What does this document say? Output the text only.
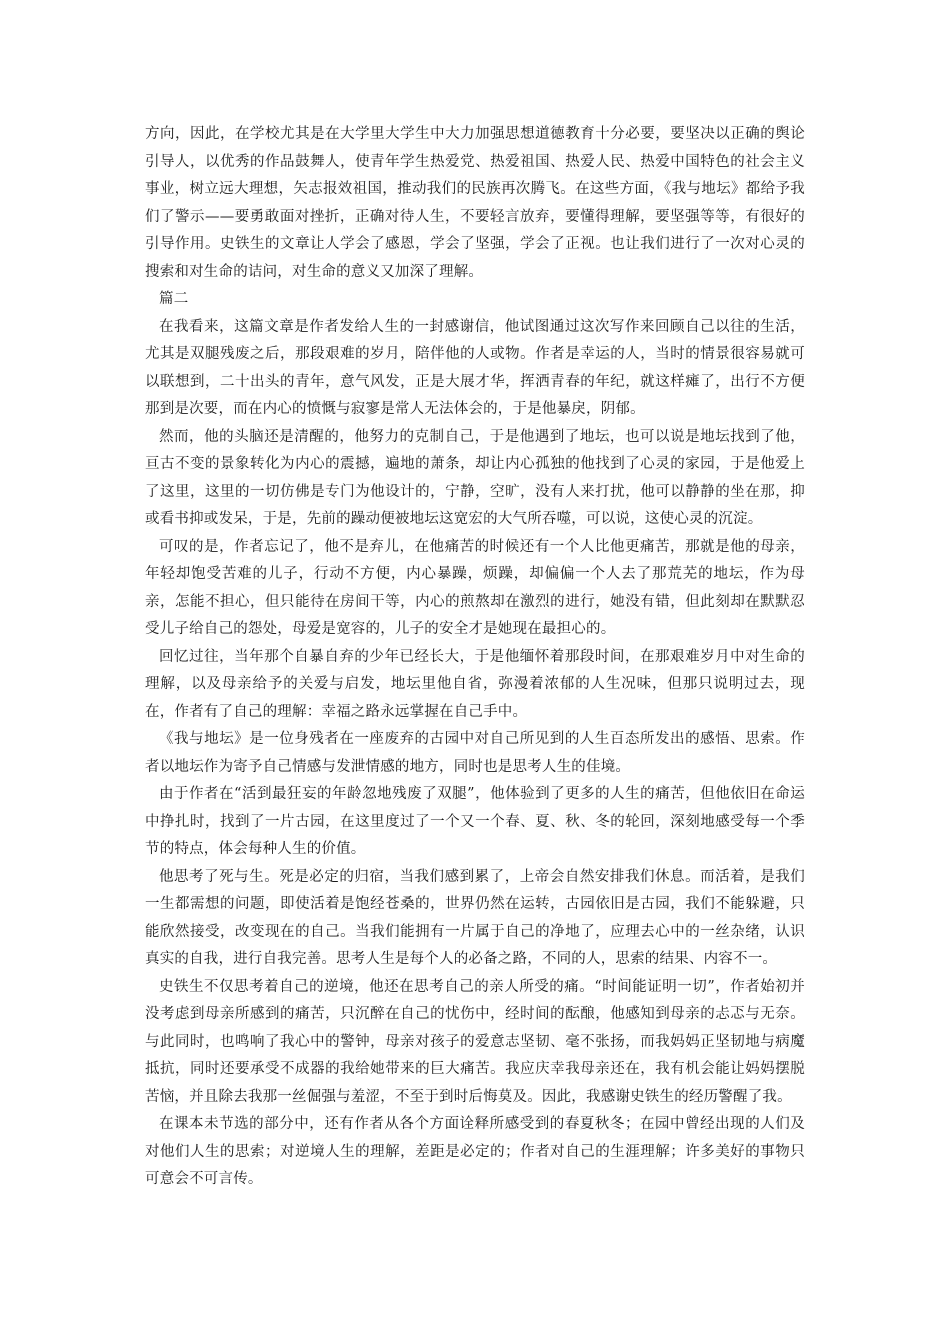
方向，因此，在学校尤其是在大学里大学生中大力加强思想道德教育十分必要，要坚决以正确的舆论引导人，以优秀的作品鼓舞人，使青年学生热爱党、热爱祖国、热爱人民、热爱中国特色的社会主义事业，树立远大理想，矢志报效祖国，推动我们的民族再次腾飞。在这些方面，《我与地坛》都给予我们了警示——要勇敢面对挫折，正确对待人生，不要轻言放弃，要懂得理解，要坚强等等，有很好的引导作用。史铁生的文章让人学会了感恩，学会了坚强，学会了正视。也让我们进行了一次对心灵的搜索和对生命的诘问，对生命的意义又加深了理解。

篇二

在我看来，这篇文章是作者发给人生的一封感谢信，他试图通过这次写作来回顾自己以往的生活，尤其是双腿残废之后，那段艰难的岁月，陪伴他的人或物。作者是幸运的人，当时的情景很容易就可以联想到，二十出头的青年，意气风发，正是大展才华，挥洒青春的年纪，就这样瘫了，出行不方便那到是次要，而在内心的愤慨与寂寥是常人无法体会的，于是他暴戾，阴郁。

然而，他的头脑还是清醒的，他努力的克制自己，于是他遇到了地坛，也可以说是地坛找到了他，亘古不变的景象转化为内心的震撼，遍地的萧条，却让内心孤独的他找到了心灵的家园，于是他爱上了这里，这里的一切仿佛是专门为他设计的，宁静，空旷，没有人来打扰，他可以静静的坐在那，抑或看书抑或发呆，于是，先前的躁动便被地坛这宽宏的大气所吞噬，可以说，这使心灵的沉淀。

可叹的是，作者忘记了，他不是弃儿，在他痛苦的时候还有一个人比他更痛苦，那就是他的母亲，年轻却饱受苦难的儿子，行动不方便，内心暴躁，烦躁，却偏偏一个人去了那荒芜的地坛，作为母亲，怎能不担心，但只能待在房间干等，内心的煎熬却在激烈的进行，她没有错，但此刻却在默默忍受儿子给自己的怨处，母爱是宽容的，儿子的安全才是她现在最担心的。

回忆过往，当年那个自暴自弃的少年已经长大，于是他缅怀着那段时间，在那艰难岁月中对生命的理解，以及母亲给予的关爱与启发，地坛里他自省，弥漫着浓郁的人生况味，但那只说明过去，现在，作者有了自己的理解：幸福之路永远掌握在自己手中。

《我与地坛》是一位身残者在一座废弃的古园中对自己所见到的人生百态所发出的感悟、思索。作者以地坛作为寄予自己情感与发泄情感的地方，同时也是思考人生的佳境。

由于作者在“活到最狂妄的年龄忽地残废了双腿”，他体验到了更多的人生的痛苦，但他依旧在命运中挣扎时，找到了一片古园，在这里度过了一个又一个春、夏、秋、冬的轮回，深刻地感受每一个季节的特点，体会每种人生的价值。

他思考了死与生。死是必定的归宿，当我们感到累了，上帝会自然安排我们休息。而活着，是我们一生都需想的问题，即使活着是饱经苍桑的，世界仍然在运转，古园依旧是古园，我们不能躲避，只能欣然接受，改变现在的自己。当我们能拥有一片属于自己的净地了，应理去心中的一丝杂绪，认识真实的自我，进行自我完善。思考人生是每个人的必备之路，不同的人，思索的结果、内容不一。

史铁生不仅思考着自己的逆境，他还在思考自己的亲人所受的痛。“时间能证明一切”，作者始初并没考虑到母亲所感到的痛苦，只沉醉在自己的忧伤中，经时间的酝酿，他感知到母亲的忐忑与无奈。与此同时，也鸣响了我心中的警钟，母亲对孩子的爱意志坚韧、毫不张扬，而我妈妈正坚韧地与病魔抵抗，同时还要承受不成器的我给她带来的巨大痛苦。我应庆幸我母亲还在，我有机会能让妈妈摆脱苦恼，并且除去我那一丝倔强与羞涩，不至于到时后悔莫及。因此，我感谢史铁生的经历警醒了我。

在课本未节选的部分中，还有作者从各个方面诠释所感受到的春夏秋冬；在园中曾经出现的人们及对他们人生的思索；对逆境人生的理解，差距是必定的；作者对自己的生涯理解；许多美好的事物只可意会不可言传。
